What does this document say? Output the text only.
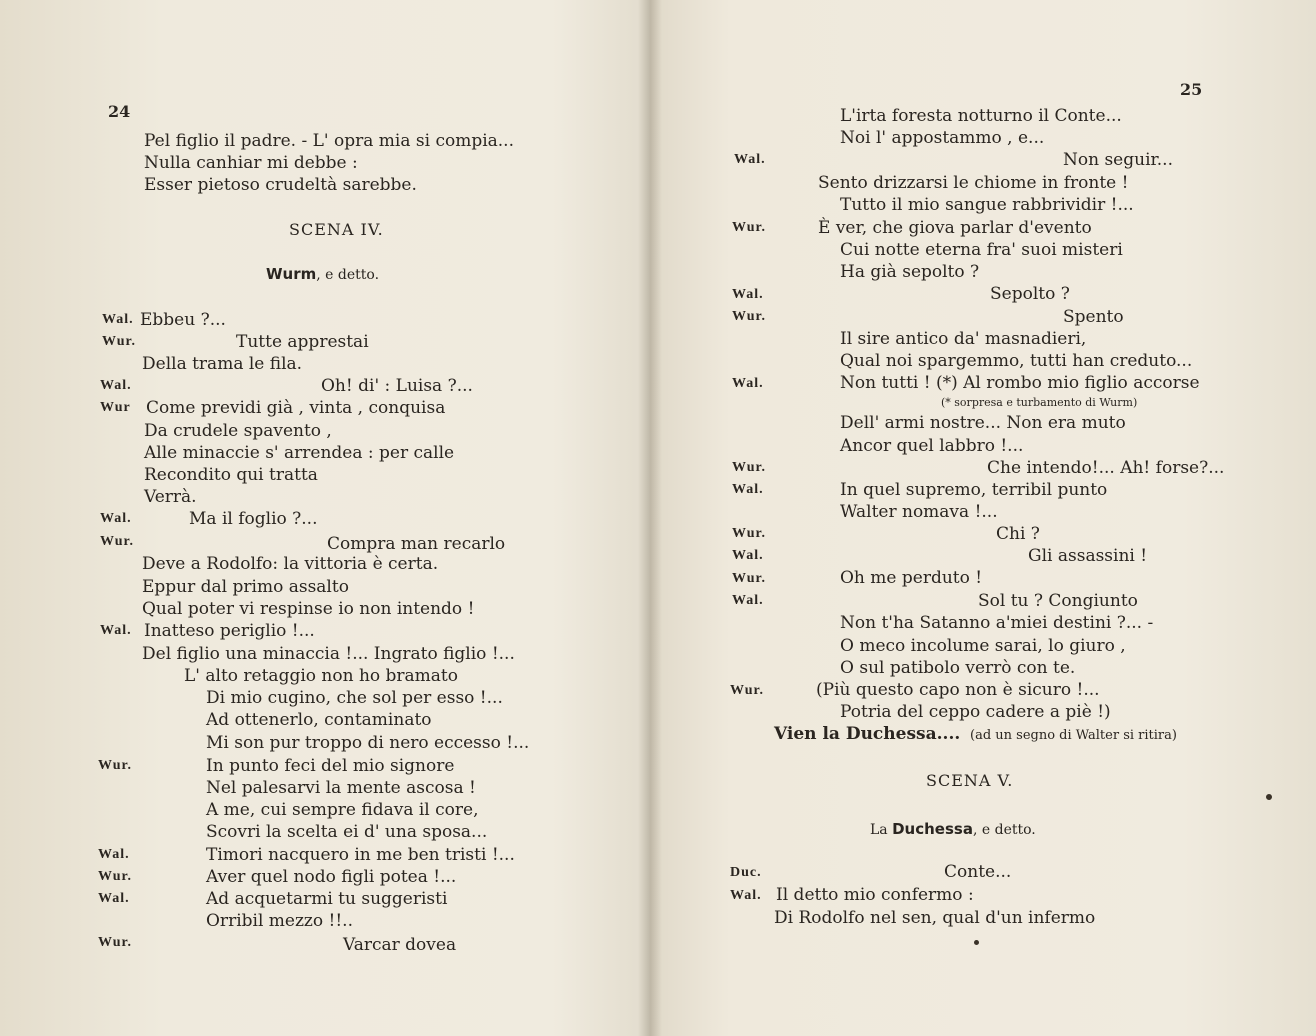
24
Pel figlio il padre. - L' opra mia si compia...
Nulla canhiar mi debbe :
Esser pietoso crudeltà sarebbe.
SCENA IV.
Wurm, e detto.
Wal. Ebbeu ?...
Wur.	Tutte apprestai
Della trama le fila.
Wal.	Oh! di' : Luisa ?...
Wur Come previdi già , vinta , conquisa
Da crudele spavento ,
Alle minaccie s' arrendea : per calle
Recondito qui tratta
Verrà.
Wal.	Ma il foglio ?...
Wur.	Compra man recarlo
Deve a Rodolfo: la vittoria è certa.
Eppur dal primo assalto
Qual poter vi respinse io non intendo !
Wal. Inatteso periglio !...
Del figlio una minaccia !... Ingrato figlio !...
L' alto retaggio non ho bramato
Di mio cugino, che sol per esso !...
Ad ottenerlo, contaminato
Mi son pur troppo di nero eccesso !...
Wur.	In punto feci del mio signore
Nel palesarvi la mente ascosa !
A me, cui sempre fidava il core,
Scovri la scelta ei d' una sposa...
Wal.	Timori nacquero in me ben tristi !...
Wur.	Aver quel nodo figli potea !...
Wal.	Ad acquetarmi tu suggeristi
Orribil mezzo !!..
Wur.	Varcar dovea
25
L'irta foresta notturno il Conte...
Noi l' appostammo , e...
Wal.	Non seguir...
Sento drizzarsi le chiome in fronte !
Tutto il mio sangue rabbrividir !...
Wur.	È ver, che giova parlar d'evento
Cui notte eterna fra' suoi misteri
Ha già sepolto ?
Wal.	Sepolto ?
Wur.	Spento
Il sire antico da' masnadieri,
Qual noi spargemmo, tutti han creduto...
Wal.	Non tutti ! (*) Al rombo mio figlio accorse
(* sorpresa e turbamento di Wurm)
Dell' armi nostre... Non era muto
Ancor quel labbro !...
Wur.	Che intendo!... Ah! forse?...
Wal.	In quel supremo, terribil punto
Walter nomava !...
Wur.	Chi ?
Wal.	Gli assassini !
Wur.	Oh me perduto !
Wal.	Sol tu ? Congiunto
Non t'ha Satanno a'miei destini ?... -
O meco incolume sarai, lo giuro ,
O sul patibolo verrò con te.
Wur.	(Più questo capo non è sicuro !...
Potria del ceppo cadere a piè !)
Vien la Duchessa.... (ad un segno di Walter si ritira)
SCENA V.
La Duchessa, e detto.
Duc.	Conte...
Wal. Il detto mio confermo :
Di Rodolfo nel sen, qual d'un infermo
